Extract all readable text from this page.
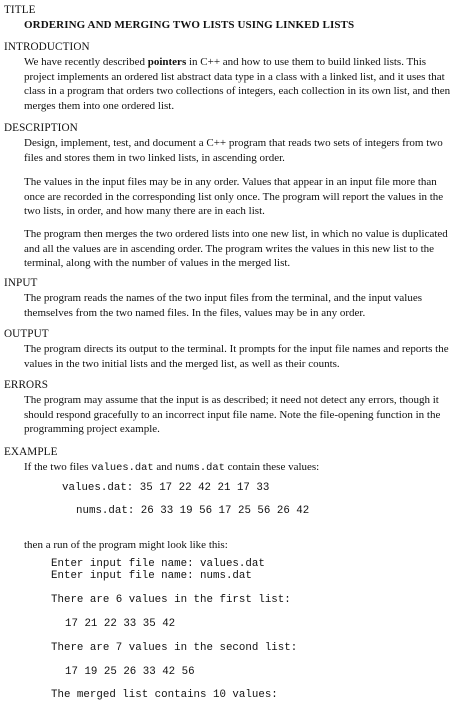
TITLE
ORDERING AND MERGING TWO LISTS USING LINKED LISTS
INTRODUCTION

We have recently described pointers in C++ and how to use them to build linked lists. This project implements an ordered list abstract data type in a class with a linked list, and it uses that class in a program that orders two collections of integers, each collection in its own list, and then merges them into one ordered list.

DESCRIPTION

Design, implement, test, and document a C++ program that reads two sets of integers from two files and stores them in two linked lists, in ascending order.

The values in the input files may be in any order. Values that appear in an input file more than once are recorded in the corresponding list only once. The program will report the values in the two lists, in order, and how many there are in each list.

The program then merges the two ordered lists into one new list, in which no value is duplicated and all the values are in ascending order. The program writes the values in this new list to the terminal, along with the number of values in the merged list.

INPUT

The program reads the names of the two input files from the terminal, and the input values themselves from the two named files. In the files, values may be in any order.

OUTPUT

The program directs its output to the terminal. It prompts for the input file names and reports the values in the two initial lists and the merged list, as well as their counts.

ERRORS

The program may assume that the input is as described; it need not detect any errors, though it should respond gracefully to an incorrect input file name. Note the file-opening function in the programming project example.

EXAMPLE

If the two files values.dat and nums.dat contain these values:

values.dat: 35 17 22 42 21 17 33
nums.dat: 26 33 19 56 17 25 56 26 42

then a run of the program might look like this:

Enter input file name: values.dat
Enter input file name: nums.dat
There are 6 values in the first list:
17 21 22 33 35 42
There are 7 values in the second list:
17 19 25 26 33 42 56
The merged list contains 10 values:
